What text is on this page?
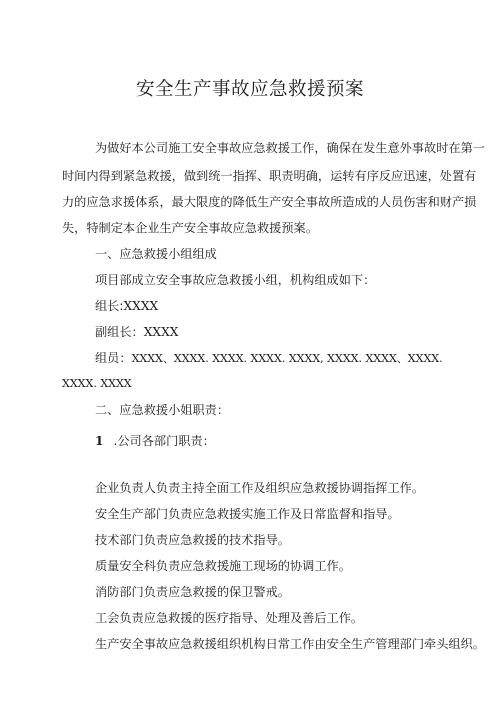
安全生产事故应急救援预案
为做好本公司施工安全事故应急救援工作，确保在发生意外事故时在第一
时间内得到紧急救援，做到统一指挥、职责明确，运转有序反应迅速，处置有
力的应急求援体系，最大限度的降低生产安全事故所造成的人员伤害和财产损
失，特制定本企业生产安全事故应急救援预案。
一、应急救援小组组成
项目部成立安全事故应急救援小组，机构组成如下：
组长:XXXX
副组长：XXXX
组员：XXXX、XXXX. XXXX. XXXX. XXXX, XXXX. XXXX、XXXX.
XXXX. XXXX
二、应急救援小姐职责：
1 .公司各部门职责：
企业负责人负责主持全面工作及组织应急救援协调指挥工作。
安全生产部门负责应急救援实施工作及日常监督和指导。
技术部门负责应急救援的技术指导。
质量安全科负责应急救援施工现场的协调工作。
消防部门负责应急救援的保卫警戒。
工会负责应急救援的医疗指导、处理及善后工作。
生产安全事故应急救援组织机构日常工作由安全生产管理部门牵头组织。
